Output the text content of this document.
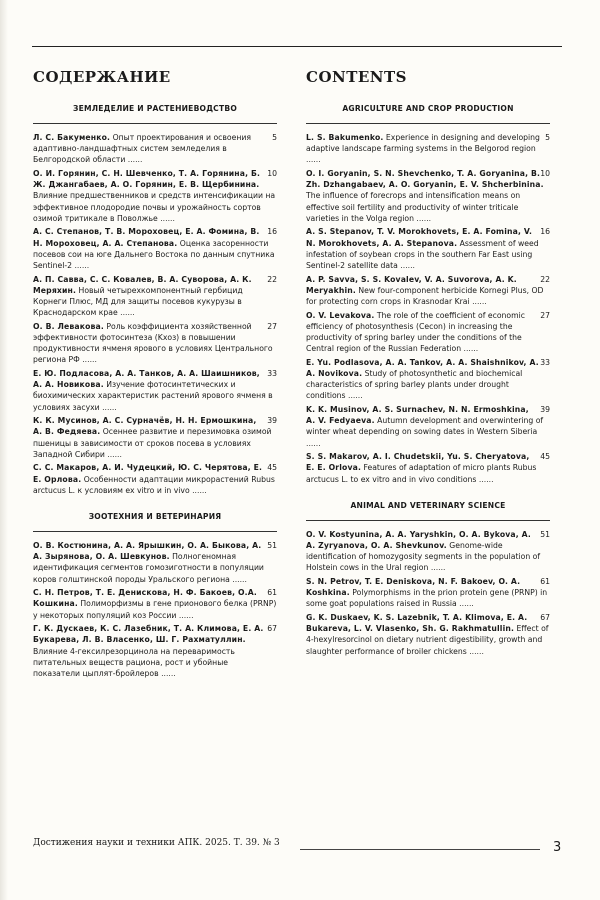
СОДЕРЖАНИЕ
ЗЕМЛЕДЕЛИЕ И РАСТЕНИЕВОДСТВО
5
Л. С. Бакуменко. Опыт проектирования и освоения адаптивно-ландшафтных систем земледелия в Белгородской области ......
10
О. И. Горянин, С. Н. Шевченко, Т. А. Горянина, Б. Ж. Джангабаев, А. О. Горянин, Е. В. Щербинина. Влияние предшественников и средств интенсификации на эффективное плодородие почвы и урожайность сортов озимой тритикале в Поволжье ......
16
А. С. Степанов, Т. В. Мороховец, Е. А. Фомина, В. Н. Мороховец, А. А. Степанова. Оценка засоренности посевов сои на юге Дальнего Востока по данным спутника Sentinel-2 ......
22
А. П. Савва, С. С. Ковалев, В. А. Суворова, А. К. Меряхин. Новый четырехкомпонентный гербицид Корнеги Плюс, МД для защиты посевов кукурузы в Краснодарском крае ......
27
О. В. Левакова. Роль коэффициента хозяйственной эффективности фотосинтеза (Kхоз) в повышении продуктивности ячменя ярового в условиях Центрального региона РФ ......
33
Е. Ю. Подласова, А. А. Танков, А. А. Шаишников, А. А. Новикова. Изучение фотосинтетических и биохимических характеристик растений ярового ячменя в условиях засухи ......
39
К. К. Мусинов, А. С. Сурначёв, Н. Н. Ермошкина, А. В. Федяева. Осеннее развитие и перезимовка озимой пшеницы в зависимости от сроков посева в условиях Западной Сибири ......
45
С. С. Макаров, А. И. Чудецкий, Ю. С. Черятова, Е. Е. Орлова. Особенности адаптации микрорастений Rubus arctucus L. к условиям ex vitro и in vivo ......
ЗООТЕХНИЯ И ВЕТЕРИНАРИЯ
51
О. В. Костюнина, А. А. Ярышкин, О. А. Быкова, А. А. Зырянова, О. А. Шевкунов. Полногеномная идентификация сегментов гомозиготности в популяции коров голштинской породы Уральского региона ......
61
С. Н. Петров, Т. Е. Денискова, Н. Ф. Бакоев, О.А. Кошкина. Полиморфизмы в гене прионового белка (PRNP) у некоторых популяций коз России ......
67
Г. К. Дускаев, К. С. Лазебник, Т. А. Климова, Е. А. Букарева, Л. В. Власенко, Ш. Г. Рахматуллин. Влияние 4-гексилрезорцинола на переваримость питательных веществ рациона, рост и убойные показатели цыплят-бройлеров ......
CONTENTS
AGRICULTURE AND CROP PRODUCTION
5
L. S. Bakumenko. Experience in designing and developing adaptive landscape farming systems in the Belgorod region ......
10
O. I. Goryanin, S. N. Shevchenko, T. A. Goryanina, B. Zh. Dzhangabaev, A. O. Goryanin, E. V. Shcherbinina. The influence of forecrops and intensification means on effective soil fertility and productivity of winter triticale varieties in the Volga region ......
16
A. S. Stepanov, T. V. Morokhovets, E. A. Fomina, V. N. Morokhovets, A. A. Stepanova. Assessment of weed infestation of soybean crops in the southern Far East using Sentinel-2 satellite data ......
22
A. P. Savva, S. S. Kovalev, V. A. Suvorova, A. K. Meryakhin. New four-component herbicide Kornegi Plus, OD for protecting corn crops in Krasnodar Krai ......
27
O. V. Levakova. The role of the coefficient of economic efficiency of photosynthesis (Cecon) in increasing the productivity of spring barley under the conditions of the Central region of the Russian Federation ......
33
E. Yu. Podlasova, A. A. Tankov, A. A. Shaishnikov, A. A. Novikova. Study of photosynthetic and biochemical characteristics of spring barley plants under drought conditions ......
39
K. K. Musinov, A. S. Surnachev, N. N. Ermoshkina, A. V. Fedyaeva. Autumn development and overwintering of winter wheat depending on sowing dates in Western Siberia ......
45
S. S. Makarov, A. I. Chudetskii, Yu. S. Cheryatova, E. E. Orlova. Features of adaptation of micro plants Rubus arctucus L. to ex vitro and in vivo conditions ......
ANIMAL AND VETERINARY SCIENCE
51
O. V. Kostyunina, A. A. Yaryshkin, O. A. Bykova, A. A. Zyryanova, O. A. Shevkunov. Genome-wide identification of homozygosity segments in the population of Holstein cows in the Ural region ......
61
S. N. Petrov, T. E. Deniskova, N. F. Bakoev, O. A. Koshkina. Polymorphisms in the prion protein gene (PRNP) in some goat populations raised in Russia ......
67
G. K. Duskaev, K. S. Lazebnik, T. A. Klimova, E. A. Bukareva, L. V. Vlasenko, Sh. G. Rakhmatullin. Effect of 4-hexylresorcinol on dietary nutrient digestibility, growth and slaughter performance of broiler chickens ......
Достижения науки и техники АПК. 2025. Т. 39. № 3	3
